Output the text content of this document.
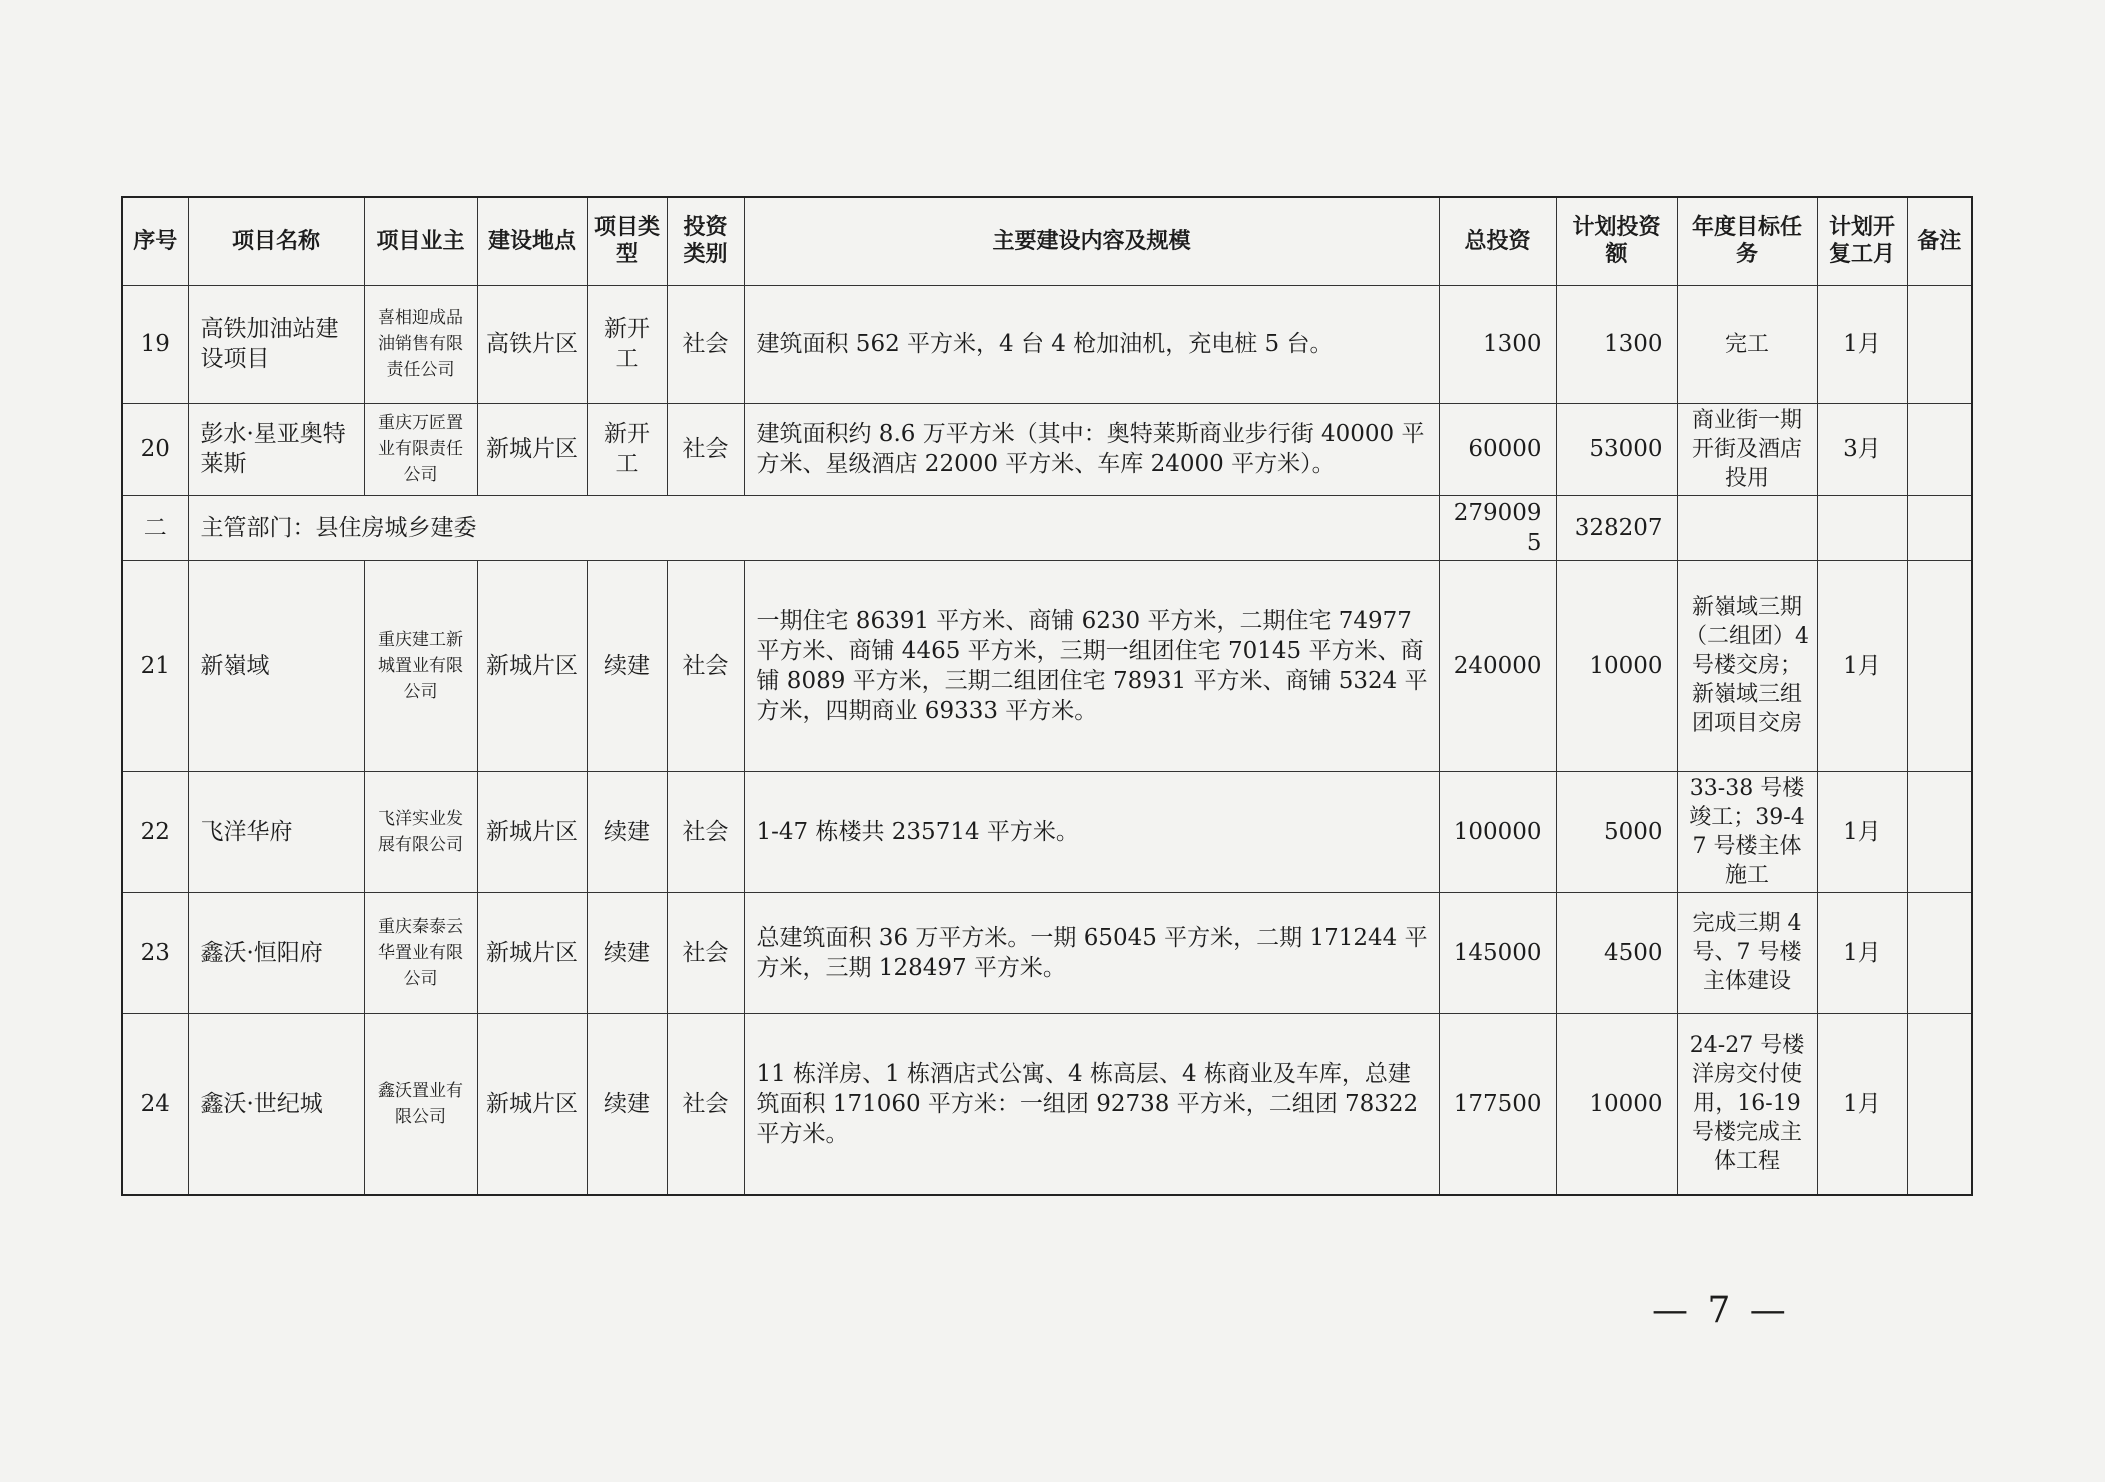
序号	项目名称	项目业主	建设地点	项目类型	投资类别	主要建设内容及规模	总投资	计划投资额	年度目标任务	计划开复工月	备注
19	高铁加油站建设项目	喜相迎成品油销售有限责任公司	高铁片区	新开工	社会	建筑面积 562 平方米，4 台 4 枪加油机，充电桩 5 台。	1300	1300	完工	1月	
20	彭水·星亚奥特莱斯	重庆万匠置业有限责任公司	新城片区	新开工	社会	建筑面积约 8.6 万平方米（其中：奥特莱斯商业步行街 40000 平方米、星级酒店 22000 平方米、车库 24000 平方米）。	60000	53000	商业街一期开街及酒店投用	3月	
二	主管部门：县住房城乡建委						2790095	328207			
21	新嶺域	重庆建工新城置业有限公司	新城片区	续建	社会	一期住宅 86391 平方米、商铺 6230 平方米，二期住宅 74977 平方米、商铺 4465 平方米，三期一组团住宅 70145 平方米、商铺 8089 平方米，三期二组团住宅 78931 平方米、商铺 5324 平方米，四期商业 69333 平方米。	240000	10000	新嶺域三期（二组团）4 号楼交房；新嶺域三组团项目交房	1月	
22	飞洋华府	飞洋实业发展有限公司	新城片区	续建	社会	1-47 栋楼共 235714 平方米。	100000	5000	33-38 号楼竣工；39-47 号楼主体施工	1月	
23	鑫沃·恒阳府	重庆秦泰云华置业有限公司	新城片区	续建	社会	总建筑面积 36 万平方米。一期 65045 平方米，二期 171244 平方米，三期 128497 平方米。	145000	4500	完成三期 4 号、7 号楼主体建设	1月	
24	鑫沃·世纪城	鑫沃置业有限公司	新城片区	续建	社会	11 栋洋房、1 栋酒店式公寓、4 栋高层、4 栋商业及车库，总建筑面积 171060 平方米：一组团 92738 平方米，二组团 78322 平方米。	177500	10000	24-27 号楼洋房交付使用，16-19 号楼完成主体工程	1月	
— 7 —
